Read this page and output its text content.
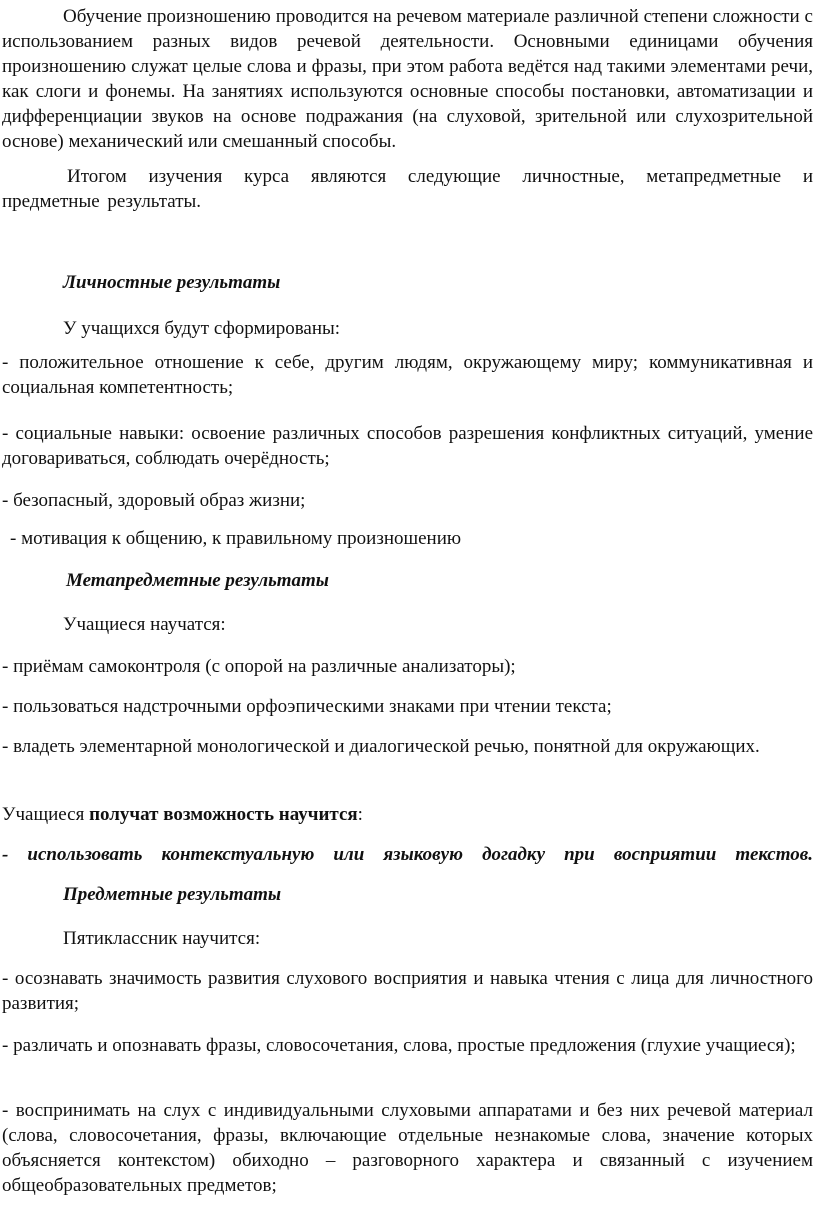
Обучение произношению проводится на речевом материале различной степени сложности с использованием разных видов речевой деятельности. Основными единицами обучения произношению служат целые слова и фразы, при этом работа ведётся над такими элементами речи, как слоги и фонемы. На занятиях используются основные способы постановки, автоматизации и дифференциации звуков на основе подражания (на слуховой, зрительной или слухозрительной основе) механический или смешанный способы.

Итогом изучения курса являются следующие личностные, метапредметные и предметные результаты.

Личностные результаты

У учащихся будут сформированы:

- положительное отношение к себе, другим людям, окружающему миру; коммуникативная и социальная компетентность;

- социальные навыки: освоение различных способов разрешения конфликтных ситуаций, умение договариваться, соблюдать очерёдность;

- безопасный, здоровый образ жизни;

- мотивация к общению, к правильному произношению

Метапредметные результаты

Учащиеся научатся:

- приёмам самоконтроля (с опорой на различные анализаторы);

- пользоваться надстрочными орфоэпическими знаками при чтении текста;

- владеть элементарной монологической и диалогической речью, понятной для окружающих.

Учащиеся получат возможность научится:

- использовать контекстуальную или языковую догадку при восприятии текстов.

Предметные результаты

Пятиклассник научится:

- осознавать значимость развития слухового восприятия и навыка чтения с лица для личностного развития;

- различать и опознавать фразы, словосочетания, слова, простые предложения (глухие учащиеся);

- воспринимать на слух с индивидуальными слуховыми аппаратами и без них речевой материал (слова, словосочетания, фразы, включающие отдельные незнакомые слова, значение которых объясняется контекстом) обиходно – разговорного характера и связанный с изучением общеобразовательных предметов;
